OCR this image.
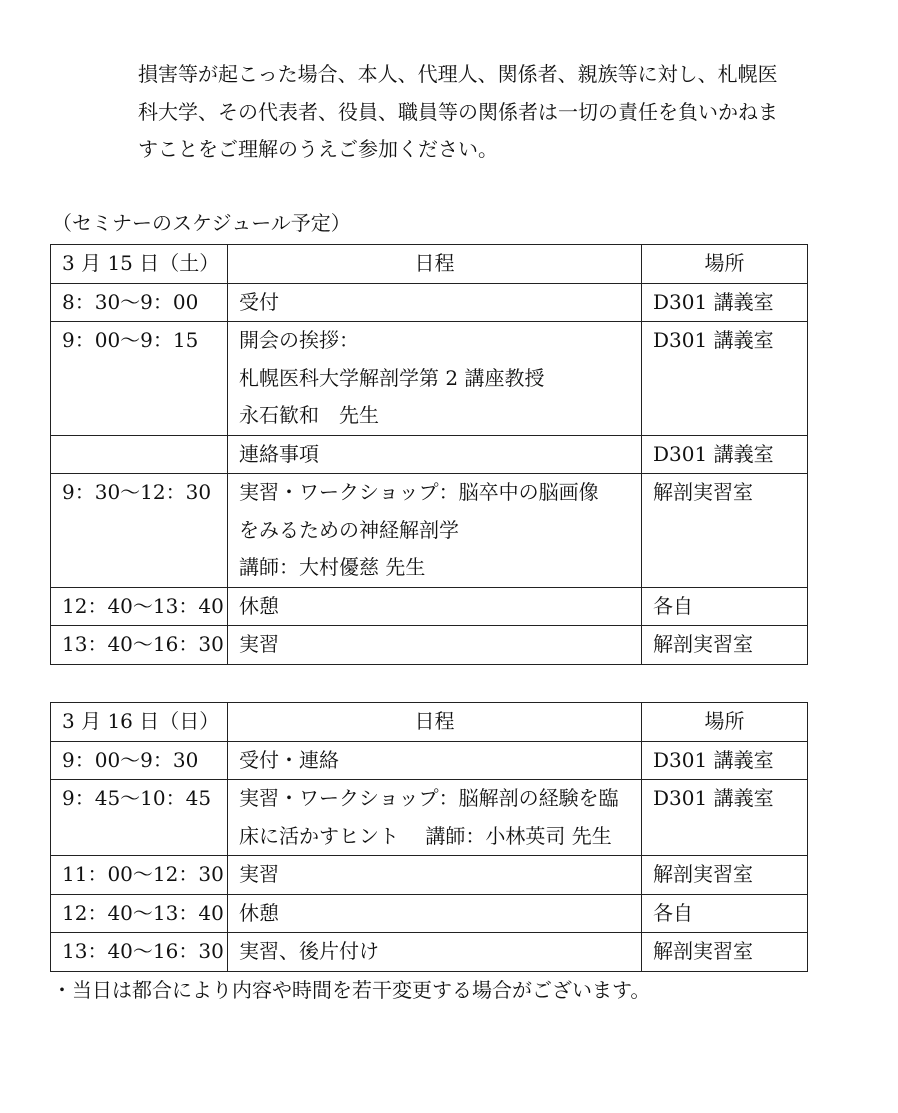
損害等が起こった場合、本人、代理人、関係者、親族等に対し、札幌医
科大学、その代表者、役員、職員等の関係者は一切の責任を負いかねま
すことをご理解のうえご参加ください。
（セミナーのスケジュール予定）
3 月 15 日（土）	日程	場所
8：30〜9：00	受付	D301 講義室
9：00〜9：15	開会の挨拶：
札幌医科大学解剖学第 2 講座教授
永石歓和　先生	D301 講義室

	連絡事項	D301 講義室
9：30〜12：30	実習・ワークショップ：脳卒中の脳画像
をみるための神経解剖学
講師：大村優慈 先生	解剖実習室
12：40〜13：40	休憩	各自
13：40〜16：30	実習	解剖実習室
3 月 16 日（日）	日程	場所
9：00〜9：30	受付・連絡	D301 講義室
9：45〜10：45	実習・ワークショップ：脳解剖の経験を臨
床に活かすヒント　 講師：小林英司 先生	D301 講義室
11：00〜12：30	実習	解剖実習室
12：40〜13：40	休憩	各自
13：40〜16：30	実習、後片付け	解剖実習室
・当日は都合により内容や時間を若干変更する場合がございます。
